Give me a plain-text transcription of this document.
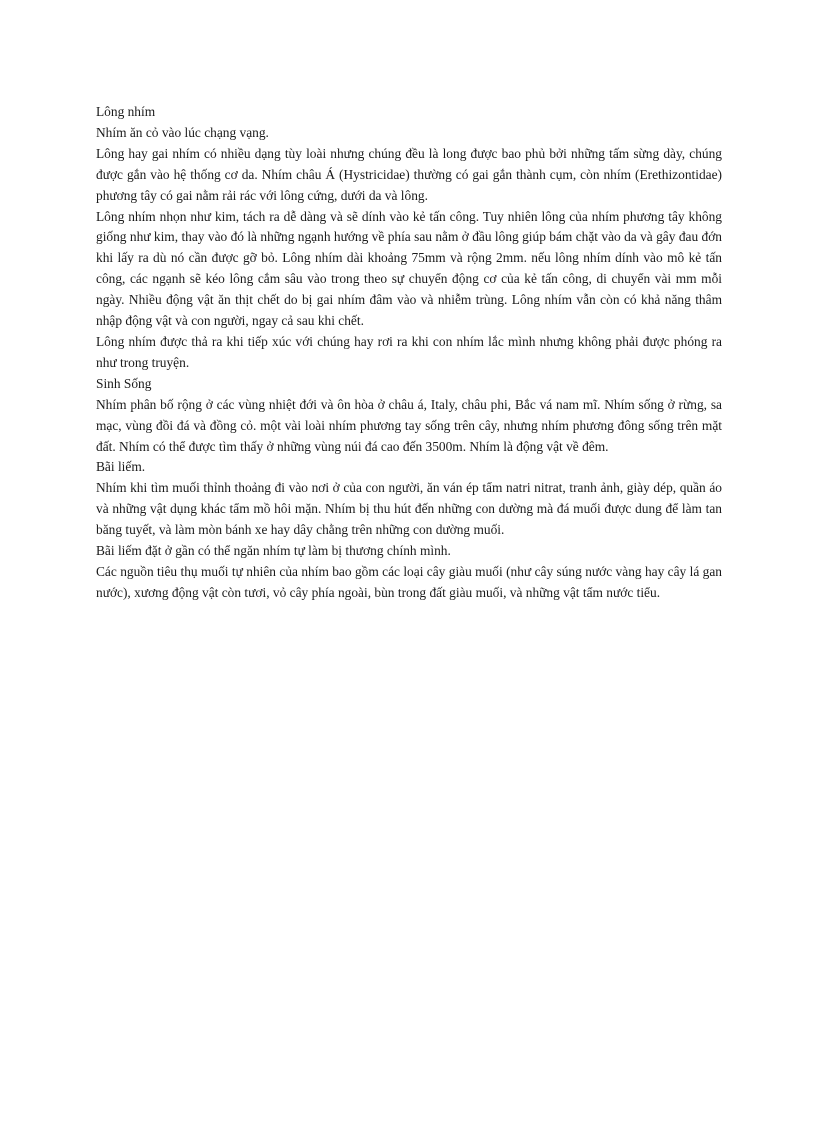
Lông nhím

Nhím ăn cỏ vào lúc chạng vạng.

Lông hay gai nhím có nhiều dạng tùy loài nhưng chúng đều là long được bao phủ bởi những tấm sừng dày, chúng được gắn vào hệ thống cơ da. Nhím châu Á (Hystricidae) thường có gai gắn thành cụm, còn nhím (Erethizontidae) phương tây có gai nằm rải rác với lông cứng, dưới da và lông.

Lông nhím nhọn như kim, tách ra dễ dàng và sẽ dính vào kẻ tấn công. Tuy nhiên lông của nhím phương tây không giống như kim, thay vào đó là những ngạnh hướng về phía sau nằm ở đầu lông giúp bám chặt vào da và gây đau đớn khi lấy ra dù nó cần được gỡ bỏ. Lông nhím dài khoảng 75mm và rộng 2mm. nếu lông nhím dính vào mô kẻ tấn công, các ngạnh sẽ kéo lông cắm sâu vào trong theo sự chuyển động cơ của kẻ tấn công, di chuyển vài mm mỗi ngày. Nhiều động vật ăn thịt chết do bị gai nhím đâm vào và nhiễm trùng. Lông nhím vẫn còn có khả năng thâm nhập động vật và con người, ngay cả sau khi chết.

Lông nhím được thả ra khi tiếp xúc với chúng hay rơi ra khi con nhím lắc mình nhưng không phải được phóng ra như trong truyện.

Sinh Sống

Nhím phân bố rộng ở các vùng nhiệt đới và ôn hòa ở châu á, Italy, châu phi, Bắc vá nam mĩ. Nhím sống ở rừng, sa mạc, vùng đồi đá và đồng cỏ. một vài loài nhím phương tay sống trên cây, nhưng nhím phương đông sống trên mặt đất. Nhím có thể được tìm thấy ở những vùng núi đá cao đến 3500m. Nhím là động vật về đêm.

Bãi liếm.

Nhím khi tìm muối thỉnh thoảng đi vào nơi ở của con người, ăn ván ép tẩm natri nitrat, tranh ảnh, giày dép, quần áo và những vật dụng khác tẩm mồ hôi mặn. Nhím bị thu hút đến những con dường mà đá muối được dung để làm tan băng tuyết, và làm mòn bánh xe hay dây chằng trên những con dường muối.

Bãi liếm đặt ở gần có thể ngăn nhím tự làm bị thương chính mình.

Các nguồn tiêu thụ muối tự nhiên của nhím bao gồm các loại cây giàu muối (như cây súng nước vàng hay cây lá gan nước), xương động vật còn tươi, vỏ cây phía ngoài, bùn trong đất giàu muối, và những vật tẩm nước tiểu.
